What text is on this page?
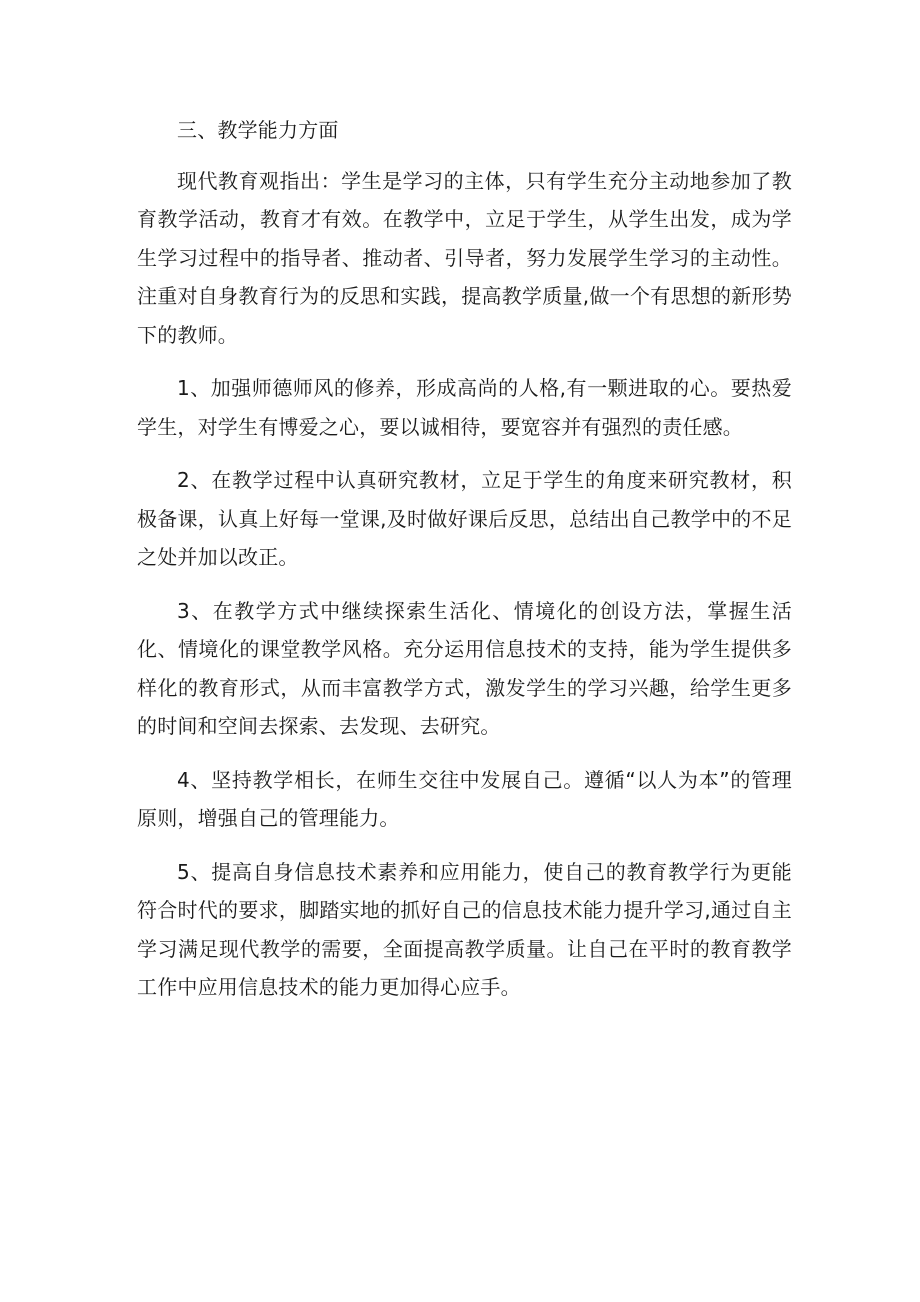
三、教学能力方面

现代教育观指出：学生是学习的主体，只有学生充分主动地参加了教育教学活动，教育才有效。在教学中，立足于学生，从学生出发，成为学生学习过程中的指导者、推动者、引导者，努力发展学生学习的主动性。注重对自身教育行为的反思和实践，提高教学质量,做一个有思想的新形势下的教师。

1、加强师德师风的修养，形成高尚的人格,有一颗进取的心。要热爱学生，对学生有博爱之心，要以诚相待，要宽容并有强烈的责任感。

2、在教学过程中认真研究教材，立足于学生的角度来研究教材，积极备课，认真上好每一堂课,及时做好课后反思，总结出自己教学中的不足之处并加以改正。

3、在教学方式中继续探索生活化、情境化的创设方法，掌握生活化、情境化的课堂教学风格。充分运用信息技术的支持，能为学生提供多样化的教育形式，从而丰富教学方式，激发学生的学习兴趣，给学生更多的时间和空间去探索、去发现、去研究。

4、坚持教学相长，在师生交往中发展自己。遵循“以人为本”的管理原则，增强自己的管理能力。

5、提高自身信息技术素养和应用能力，使自己的教育教学行为更能符合时代的要求，脚踏实地的抓好自己的信息技术能力提升学习,通过自主学习满足现代教学的需要，全面提高教学质量。让自己在平时的教育教学工作中应用信息技术的能力更加得心应手。
